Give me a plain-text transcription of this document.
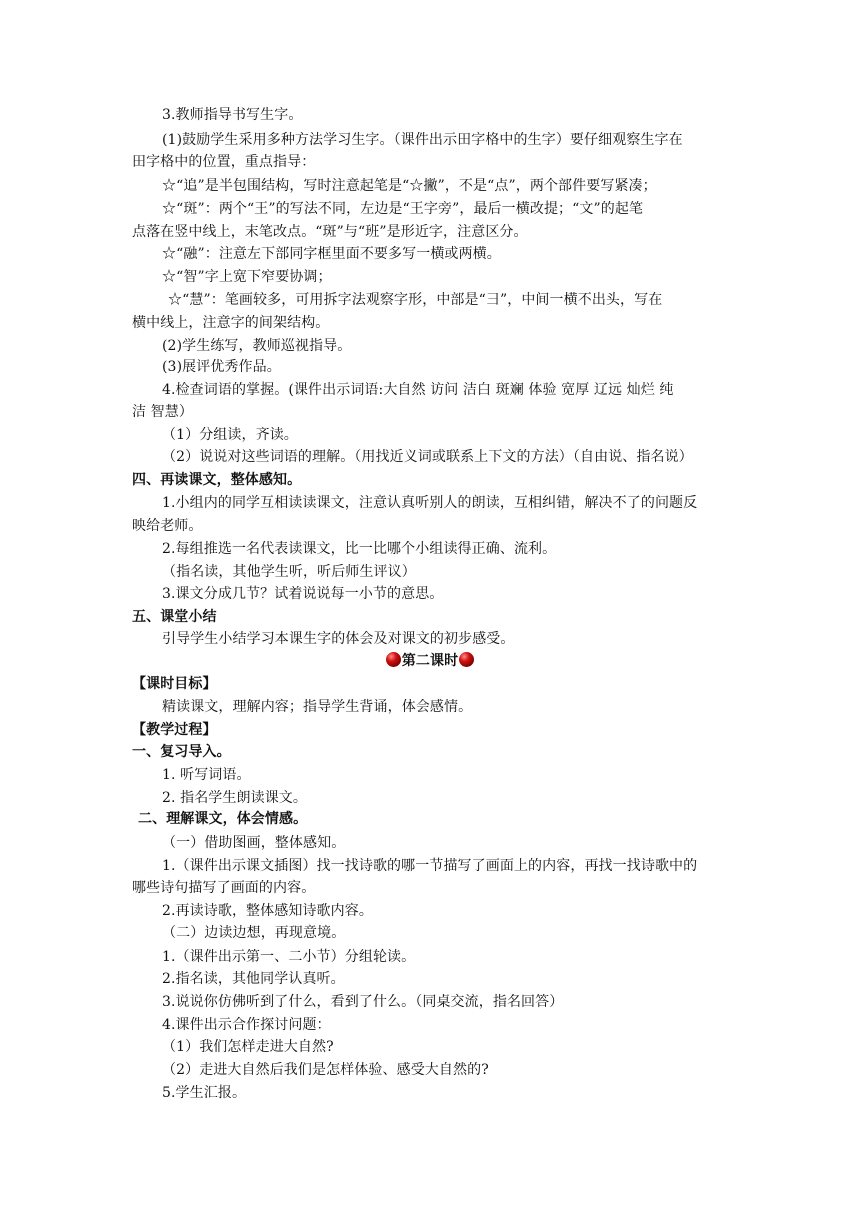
3.教师指导书写生字。
(1)鼓励学生采用多种方法学习生字。（课件出示田字格中的生字）要仔细观察生字在
田字格中的位置，重点指导：
☆“追”是半包围结构，写时注意起笔是“☆撇”，不是“点”，两个部件要写紧凑；
☆“斑”：两个“王”的写法不同，左边是“王字旁”，最后一横改提；“文”的起笔
点落在竖中线上，末笔改点。“斑”与“班”是形近字，注意区分。
☆“融”：注意左下部同字框里面不要多写一横或两横。
☆“智”字上宽下窄要协调；
☆“慧”：笔画较多，可用拆字法观察字形，中部是“彐”，中间一横不出头，写在
横中线上，注意字的间架结构。
(2)学生练写，教师巡视指导。
(3)展评优秀作品。
4.检查词语的掌握。(课件出示词语:大自然 访问 洁白 斑斓 体验 宽厚 辽远 灿烂 纯
洁 智慧）
（1）分组读，齐读。
（2）说说对这些词语的理解。（用找近义词或联系上下文的方法）（自由说、指名说）
四、再读课文，整体感知。
1.小组内的同学互相读读课文，注意认真听别人的朗读，互相纠错，解决不了的问题反
映给老师。
2.每组推选一名代表读课文，比一比哪个小组读得正确、流利。
（指名读，其他学生听，听后师生评议）
3.课文分成几节？试着说说每一小节的意思。
五、课堂小结
引导学生小结学习本课生字的体会及对课文的初步感受。
第二课时
【课时目标】
精读课文，理解内容；指导学生背诵，体会感情。
【教学过程】
一、复习导入。
1. 听写词语。
2. 指名学生朗读课文。
二、理解课文，体会情感。
（一）借助图画，整体感知。
1.（课件出示课文插图）找一找诗歌的哪一节描写了画面上的内容，再找一找诗歌中的
哪些诗句描写了画面的内容。
2.再读诗歌，整体感知诗歌内容。
（二）边读边想，再现意境。
1.（课件出示第一、二小节）分组轮读。
2.指名读，其他同学认真听。
3.说说你仿佛听到了什么，看到了什么。（同桌交流，指名回答）
4.课件出示合作探讨问题：
（1）我们怎样走进大自然?
（2）走进大自然后我们是怎样体验、感受大自然的?
5.学生汇报。
